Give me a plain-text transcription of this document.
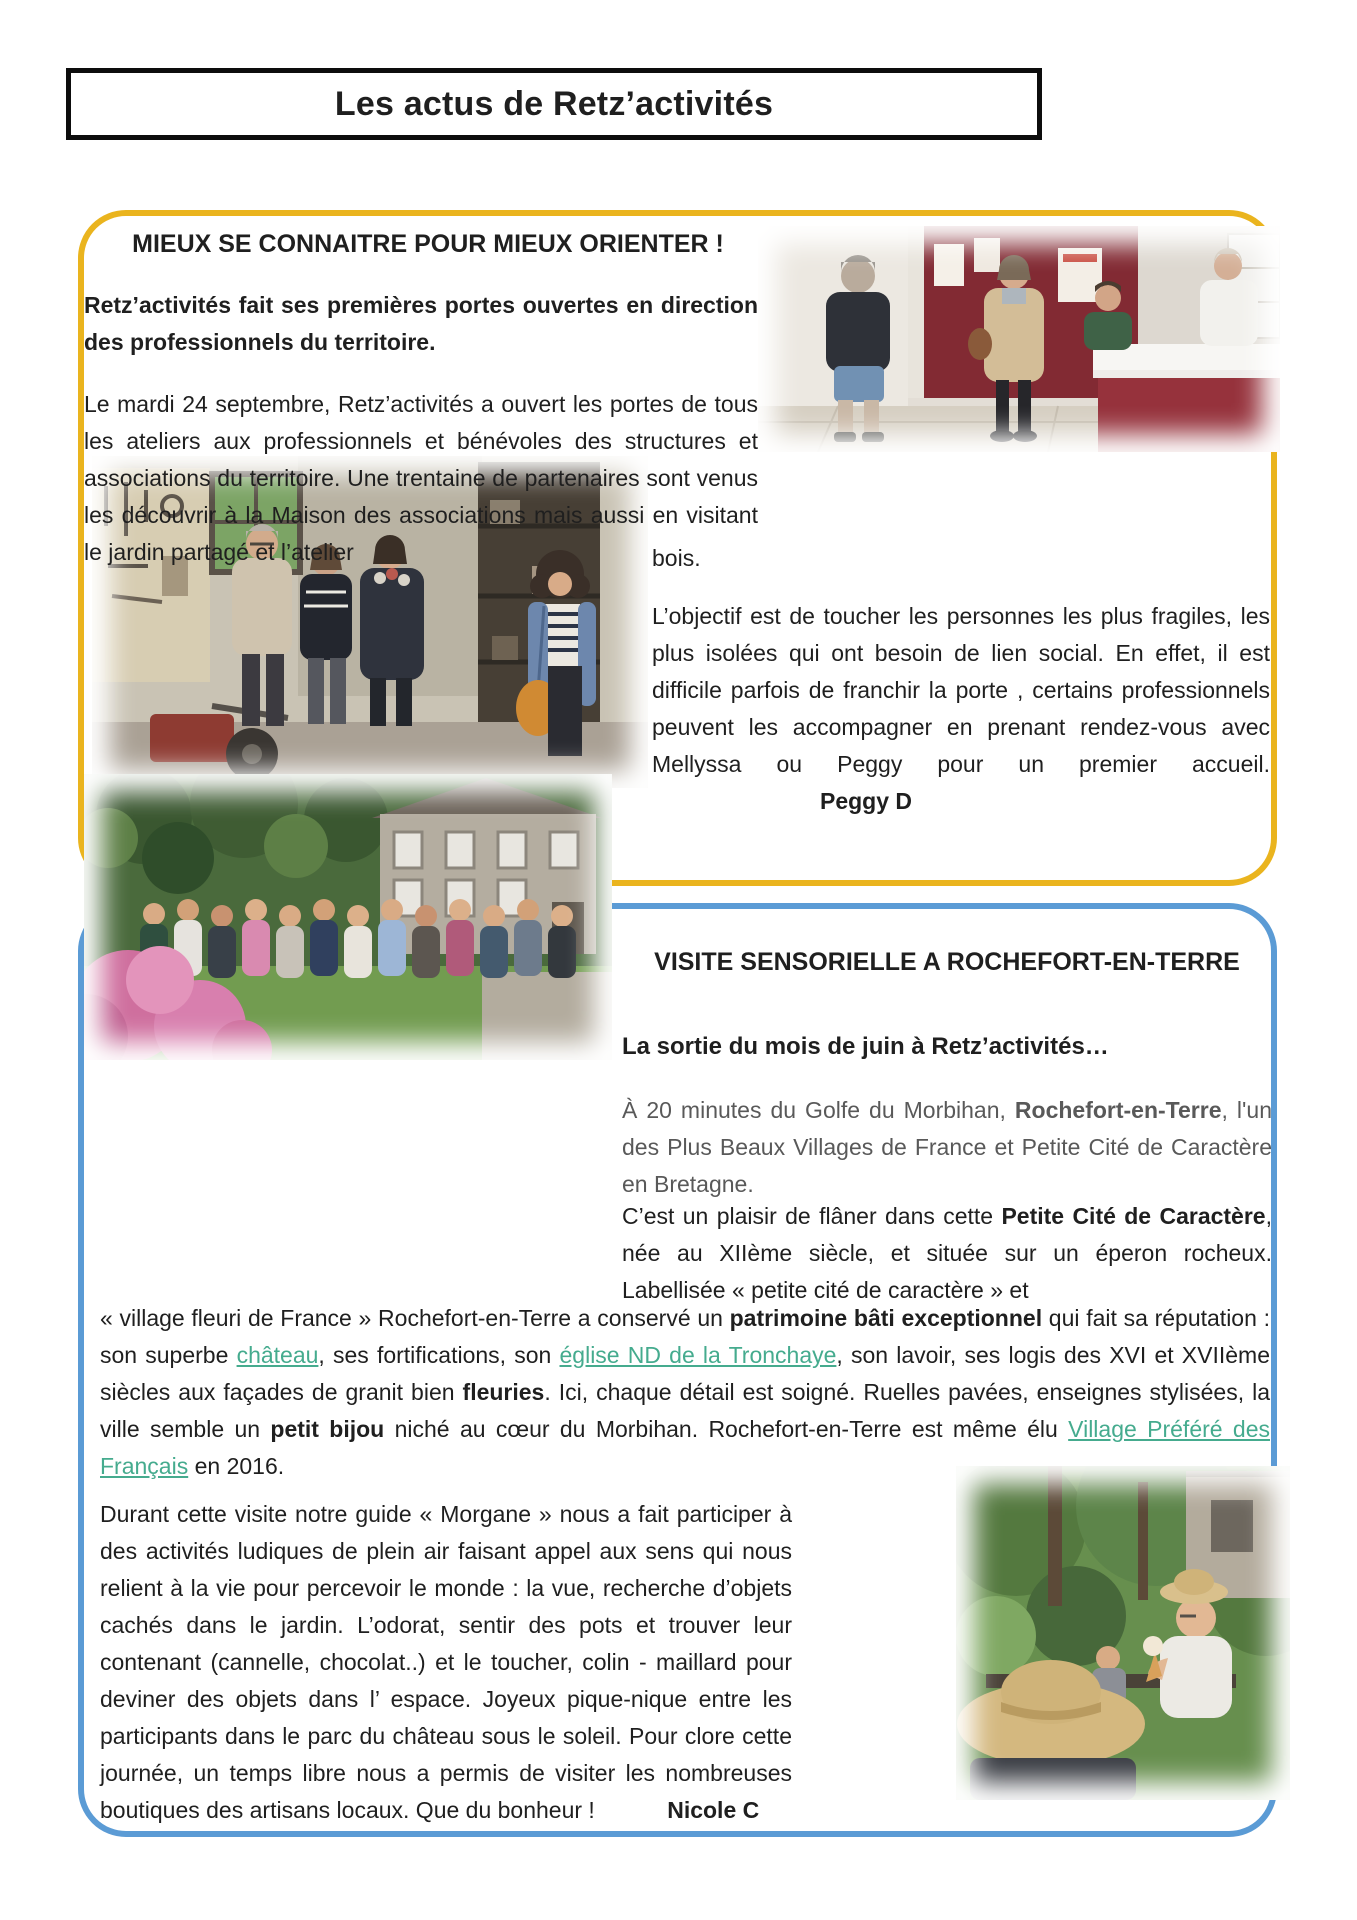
Les actus de Retz’activités
MIEUX SE CONNAITRE POUR MIEUX ORIENTER !
Retz’activités fait ses premières portes ouvertes en direction des professionnels du territoire.
Le mardi 24 septembre, Retz’activités a ouvert les portes de tous les ateliers aux professionnels et bénévoles des structures et associations du territoire. Une trentaine de partenaires sont venus les découvrir à la Maison des associations mais aussi en visitant le jardin partagé et l’atelier	bois.
L’objectif est de toucher les personnes les plus fragiles, les plus isolées qui ont besoin de lien social. En effet, il est difficile parfois de franchir la porte , certains professionnels peuvent les accompagner en prenant rendez-vous avec Mellyssa ou Peggy pour un premier accueil. Peggy D
VISITE SENSORIELLE A ROCHEFORT-EN-TERRE
La sortie du mois de juin à Retz’activités…
À 20 minutes du Golfe du Morbihan, Rochefort-en-Terre, l'un des Plus Beaux Villages de France et Petite Cité de Caractère en Bretagne.
C’est un plaisir de flâner dans cette Petite Cité de Caractère, née au XIIème siècle, et située sur un éperon rocheux. Labellisée « petite cité de caractère » et
« village fleuri de France » Rochefort-en-Terre a conservé un patrimoine bâti exceptionnel qui fait sa réputation : son superbe château, ses fortifications, son église ND de la Tronchaye, son lavoir, ses logis des XVI et XVIIème siècles aux façades de granit bien fleuries. Ici, chaque détail est soigné. Ruelles pavées, enseignes stylisées, la ville semble un petit bijou niché au cœur du Morbihan. Rochefort-en-Terre est même élu Village Préféré des Français en 2016.
Durant cette visite notre guide « Morgane » nous a fait participer à des activités ludiques de plein air faisant appel aux sens qui nous relient à la vie pour percevoir le monde : la vue, recherche d’objets cachés dans le jardin. L’odorat, sentir des pots et trouver leur contenant (cannelle, chocolat..) et le toucher, colin - maillard pour deviner des objets dans l’ espace. Joyeux pique-nique entre les participants dans le parc du château sous le soleil. Pour clore cette journée, un temps libre nous a permis de visiter les nombreuses boutiques des artisans locaux. Que du bonheur !	Nicole C
